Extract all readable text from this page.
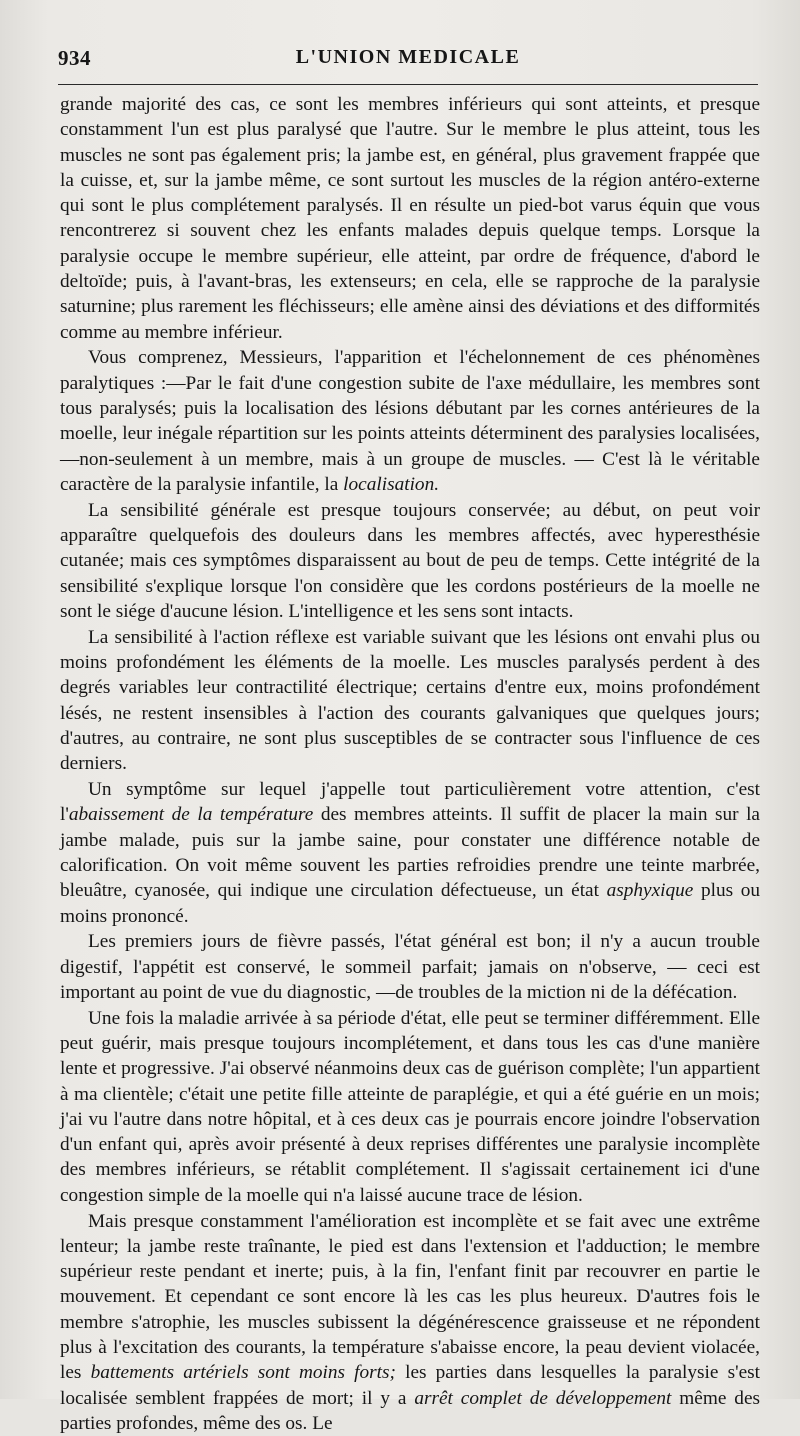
934	L'UNION MEDICALE

grande majorité des cas, ce sont les membres inférieurs qui sont atteints, et presque constamment l'un est plus paralysé que l'autre. Sur le membre le plus atteint, tous les muscles ne sont pas également pris; la jambe est, en général, plus gravement frappée que la cuisse, et, sur la jambe même, ce sont surtout les muscles de la région antéro-externe qui sont le plus complétement paralysés. Il en résulte un pied-bot varus équin que vous rencontrerez si souvent chez les enfants malades depuis quelque temps. Lorsque la paralysie occupe le membre supérieur, elle atteint, par ordre de fréquence, d'abord le deltoïde; puis, à l'avant-bras, les extenseurs; en cela, elle se rapproche de la paralysie saturnine; plus rarement les fléchisseurs; elle amène ainsi des déviations et des difformités comme au membre inférieur.

Vous comprenez, Messieurs, l'apparition et l'échelonnement de ces phénomènes paralytiques :—Par le fait d'une congestion subite de l'axe médullaire, les membres sont tous paralysés; puis la localisation des lésions débutant par les cornes antérieures de la moelle, leur inégale répartition sur les points atteints déterminent des paralysies localisées, —non-seulement à un membre, mais à un groupe de muscles. — C'est là le véritable caractère de la paralysie infantile, la localisation.

La sensibilité générale est presque toujours conservée; au début, on peut voir apparaître quelquefois des douleurs dans les membres affectés, avec hyperesthésie cutanée; mais ces symptômes disparaissent au bout de peu de temps. Cette intégrité de la sensibilité s'explique lorsque l'on considère que les cordons postérieurs de la moelle ne sont le siége d'aucune lésion. L'intelligence et les sens sont intacts.

La sensibilité à l'action réflexe est variable suivant que les lésions ont envahi plus ou moins profondément les éléments de la moelle. Les muscles paralysés perdent à des degrés variables leur contractilité électrique; certains d'entre eux, moins profondément lésés, ne restent insensibles à l'action des courants galvaniques que quelques jours; d'autres, au contraire, ne sont plus susceptibles de se contracter sous l'influence de ces derniers.

Un symptôme sur lequel j'appelle tout particulièrement votre attention, c'est l'abaissement de la température des membres atteints. Il suffit de placer la main sur la jambe malade, puis sur la jambe saine, pour constater une différence notable de calorification. On voit même souvent les parties refroidies prendre une teinte marbrée, bleuâtre, cyanosée, qui indique une circulation défectueuse, un état asphyxique plus ou moins prononcé.

Les premiers jours de fièvre passés, l'état général est bon; il n'y a aucun trouble digestif, l'appétit est conservé, le sommeil parfait; jamais on n'observe, — ceci est important au point de vue du diagnostic, —de troubles de la miction ni de la défécation.

Une fois la maladie arrivée à sa période d'état, elle peut se terminer différemment. Elle peut guérir, mais presque toujours incomplétement, et dans tous les cas d'une manière lente et progressive. J'ai observé néanmoins deux cas de guérison complète; l'un appartient à ma clientèle; c'était une petite fille atteinte de paraplégie, et qui a été guérie en un mois; j'ai vu l'autre dans notre hôpital, et à ces deux cas je pourrais encore joindre l'observation d'un enfant qui, après avoir présenté à deux reprises différentes une paralysie incomplète des membres inférieurs, se rétablit complétement. Il s'agissait certainement ici d'une congestion simple de la moelle qui n'a laissé aucune trace de lésion.

Mais presque constamment l'amélioration est incomplète et se fait avec une extrême lenteur; la jambe reste traînante, le pied est dans l'extension et l'adduction; le membre supérieur reste pendant et inerte; puis, à la fin, l'enfant finit par recouvrer en partie le mouvement. Et cependant ce sont encore là les cas les plus heureux. D'autres fois le membre s'atrophie, les muscles subissent la dégénérescence graisseuse et ne répondent plus à l'excitation des courants, la température s'abaisse encore, la peau devient violacée, les battements artériels sont moins forts; les parties dans lesquelles la paralysie s'est localisée semblent frappées de mort; il y a arrêt complet de développement même des parties profondes, même des os. Le
